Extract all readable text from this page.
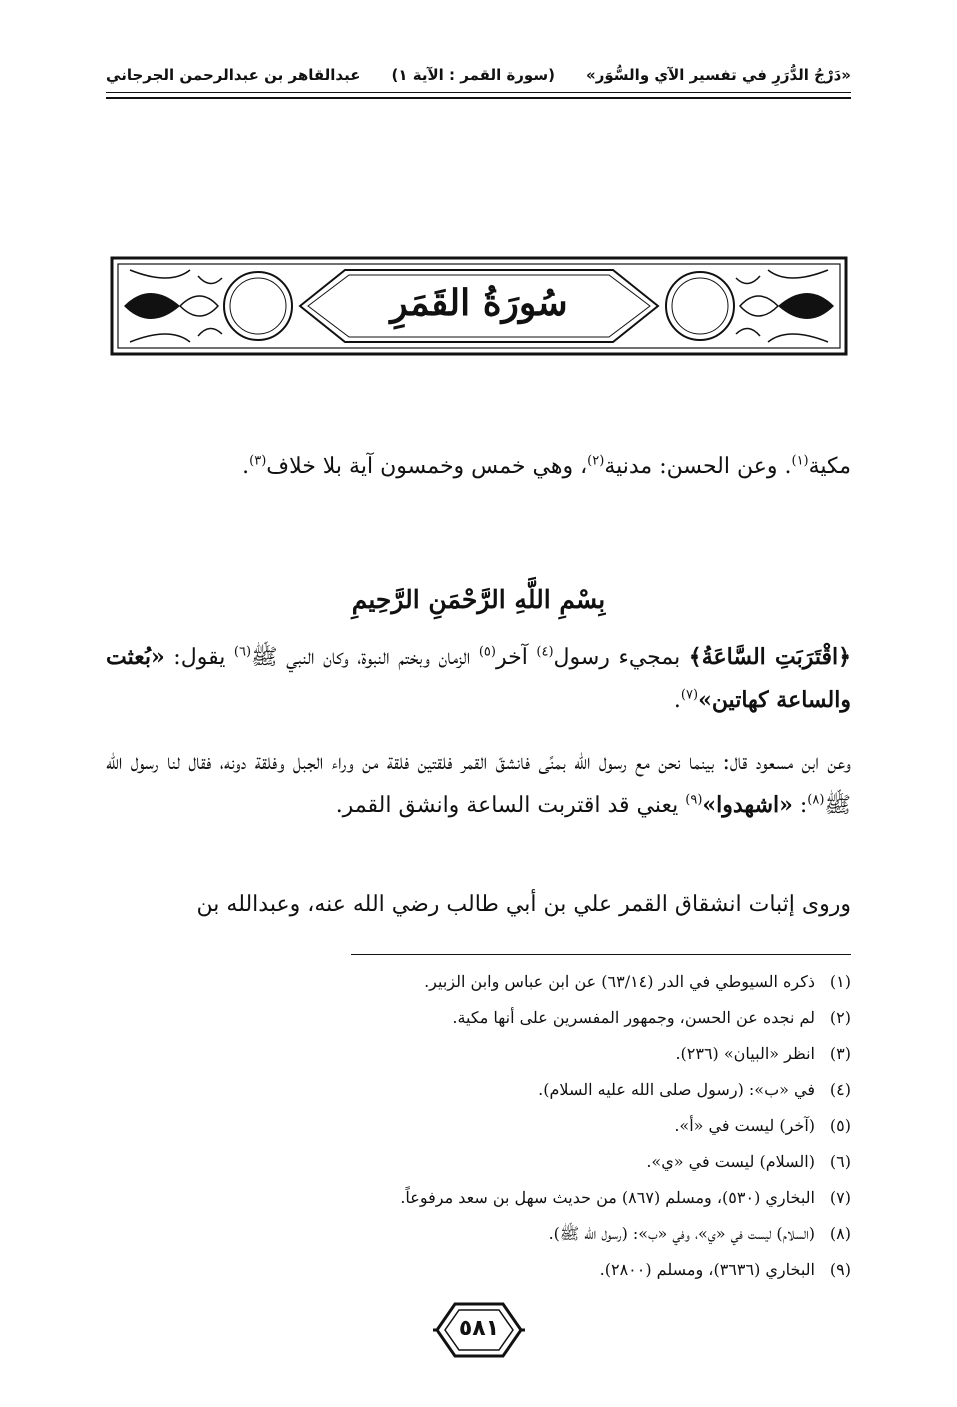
«دَرْجُ الدُّرَرِ في تفسير الآي والسُّوَر»
(سورة القمر : الآية ١)
عبدالقاهر بن عبدالرحمن الجرجاني
سُورَةُ القَمَرِ

مكية$^{(١)}$. وعن الحسن: مدنية$^{(٢)}$، وهي خمس وخمسون آية بلا خلاف$^{(٣)}$.

بِسْمِ اللَّهِ الرَّحْمَنِ الرَّحِيمِ

﴿اقْتَرَبَتِ السَّاعَةُ﴾ بمجيء رسول$^{(٤)}$ آخر$^{(٥)}$ الزمان وبختم النبوة، وكان النبي ﷺ$^{(٦)}$ يقول: «بُعثت والساعة كهاتين»$^{(٧)}$.

وعن ابن مسعود قال: بينما نحن مع رسول الله بمنًى فانشقّ القمر فلقتين فلقة من وراء الجبل وفلقة دونه، فقال لنا رسول الله ﷺ$^{(٨)}$: «اشهدوا»$^{(٩)}$ يعني قد اقتربت الساعة وانشق القمر.

وروى إثبات انشقاق القمر علي بن أبي طالب رضي الله عنه، وعبدالله بن

(١)
ذكره السيوطي في الدر (٦٣/١٤) عن ابن عباس وابن الزبير.
(٢)
لم نجده عن الحسن، وجمهور المفسرين على أنها مكية.
(٣)
انظر «البيان» (٢٣٦).
(٤)
في «ب»: (رسول صلى الله عليه السلام).
(٥)
(آخر) ليست في «أ».
(٦)
(السلام) ليست في «ي».
(٧)
البخاري (٥٣٠)، ومسلم (٨٦٧) من حديث سهل بن سعد مرفوعاً.
(٨)
(السلام) ليست في «ي»، وفي «ب»: (رسول الله ﷺ).
(٩)
البخاري (٣٦٣٦)، ومسلم (٢٨٠٠).
٥٨١
